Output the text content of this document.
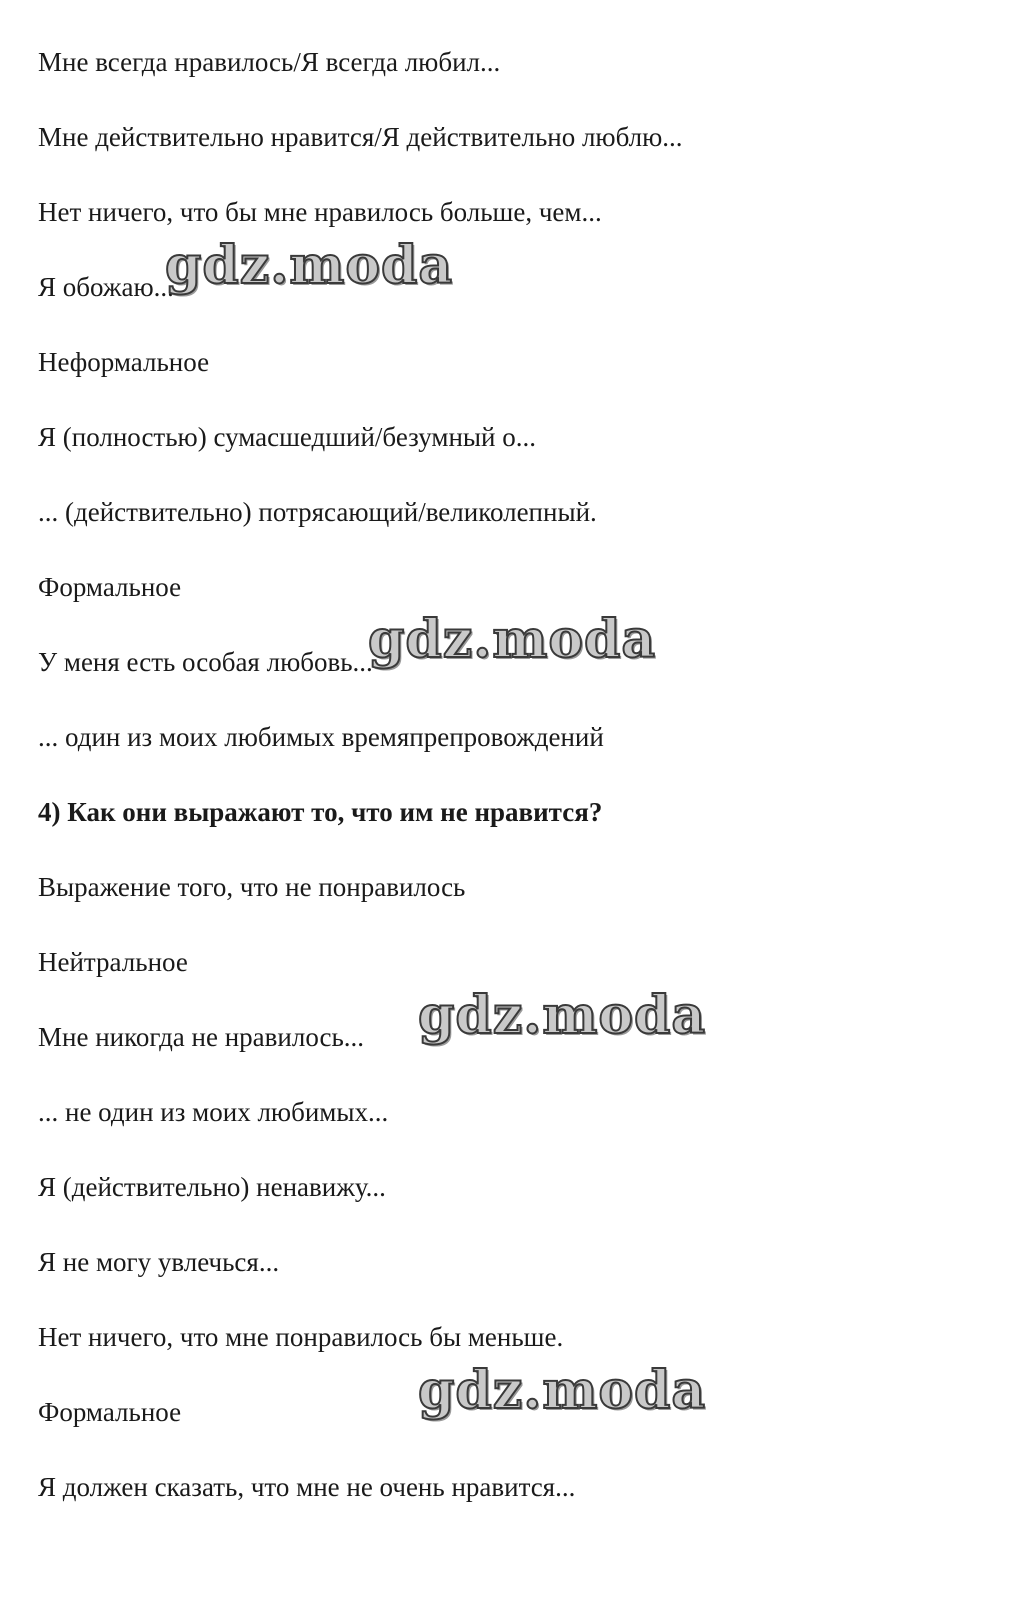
Мне всегда нравилось/Я всегда любил...
Мне действительно нравится/Я действительно люблю...
Нет ничего, что бы мне нравилось больше, чем...
Я обожаю...
Неформальное
Я (полностью) сумасшедший/безумный о...
... (действительно) потрясающий/великолепный.
Формальное
У меня есть особая любовь...
... один из моих любимых времяпрепровождений
4) Как они выражают то, что им не нравится?
Выражение того, что не понравилось
Нейтральное
Мне никогда не нравилось...
... не один из моих любимых...
Я (действительно) ненавижу...
Я не могу увлечься...
Нет ничего, что мне понравилось бы меньше.
Формальное
Я должен сказать, что мне не очень нравится...
gdz.moda
gdz.moda
gdz.moda
gdz.moda
